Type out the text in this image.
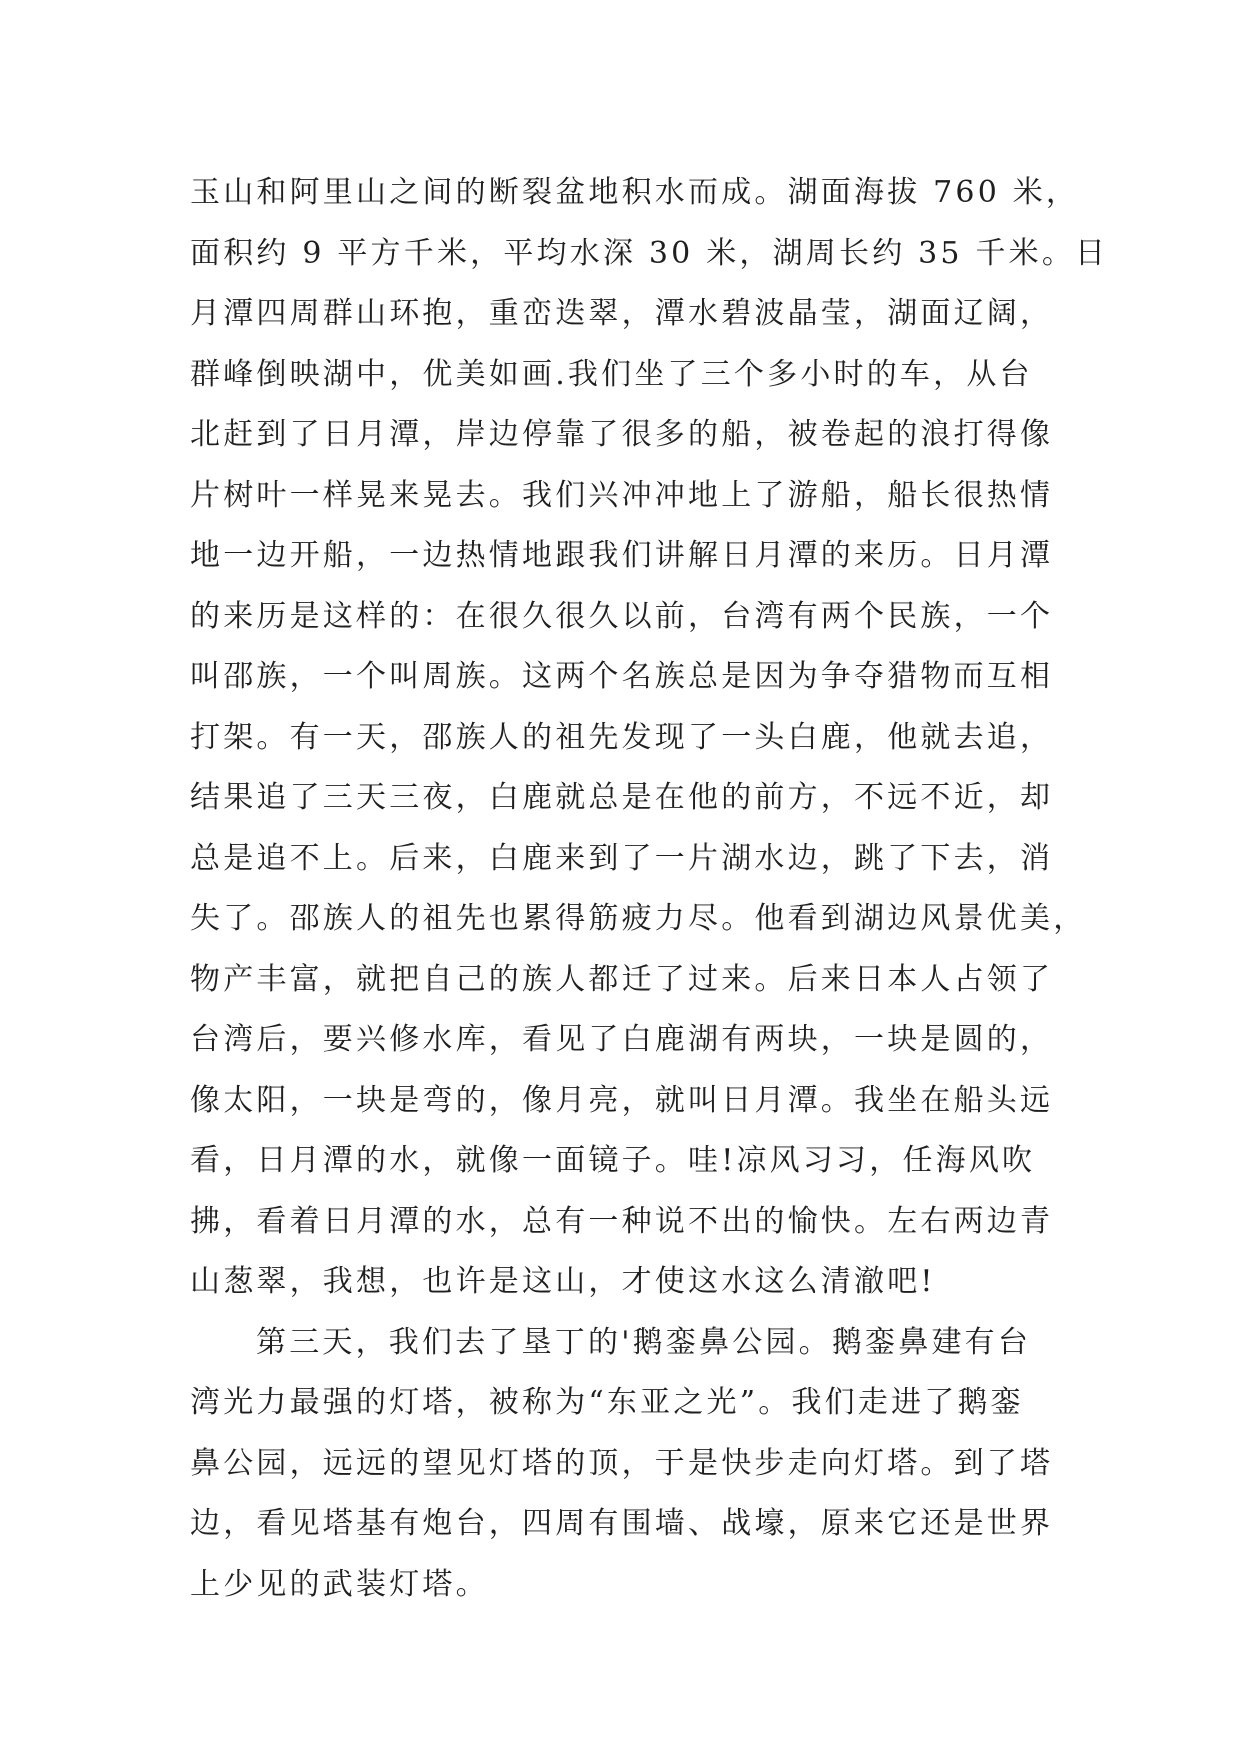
玉山和阿里山之间的断裂盆地积水而成。湖面海拔 760 米，
面积约 9 平方千米，平均水深 30 米，湖周长约 35 千米。日
月潭四周群山环抱，重峦迭翠，潭水碧波晶莹，湖面辽阔，
群峰倒映湖中，优美如画.我们坐了三个多小时的车，从台
北赶到了日月潭，岸边停靠了很多的船，被卷起的浪打得像
片树叶一样晃来晃去。我们兴冲冲地上了游船，船长很热情
地一边开船，一边热情地跟我们讲解日月潭的来历。日月潭
的来历是这样的：在很久很久以前，台湾有两个民族，一个
叫邵族，一个叫周族。这两个名族总是因为争夺猎物而互相
打架。有一天，邵族人的祖先发现了一头白鹿，他就去追，
结果追了三天三夜，白鹿就总是在他的前方，不远不近，却
总是追不上。后来，白鹿来到了一片湖水边，跳了下去，消
失了。邵族人的祖先也累得筋疲力尽。他看到湖边风景优美，
物产丰富，就把自己的族人都迁了过来。后来日本人占领了
台湾后，要兴修水库，看见了白鹿湖有两块，一块是圆的，
像太阳，一块是弯的，像月亮，就叫日月潭。我坐在船头远
看，日月潭的水，就像一面镜子。哇!凉风习习，任海风吹
拂，看着日月潭的水，总有一种说不出的愉快。左右两边青
山葱翠，我想，也许是这山，才使这水这么清澈吧!
第三天，我们去了垦丁的'鹅銮鼻公园。鹅銮鼻建有台
湾光力最强的灯塔，被称为“东亚之光”。我们走进了鹅銮
鼻公园，远远的望见灯塔的顶，于是快步走向灯塔。到了塔
边，看见塔基有炮台，四周有围墙、战壕，原来它还是世界
上少见的武装灯塔。
